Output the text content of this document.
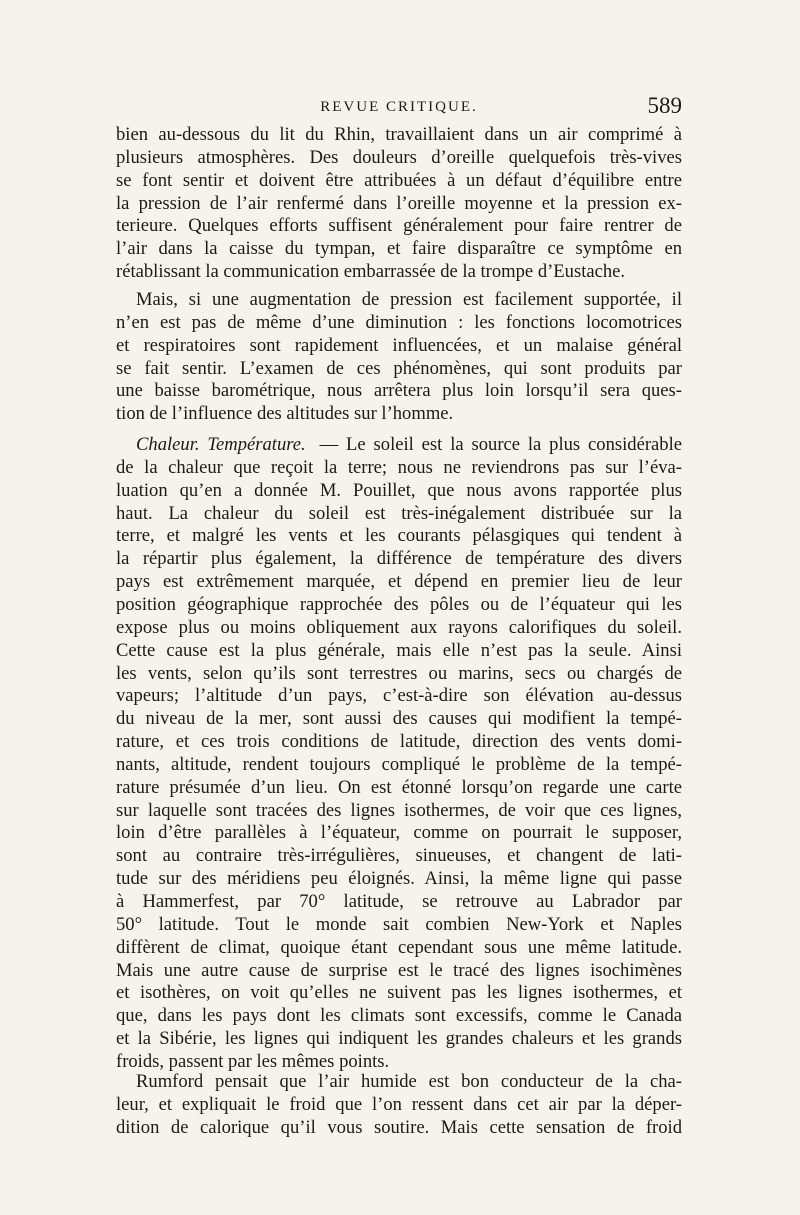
REVUE CRITIQUE.	589
bien au-dessous du lit du Rhin, travaillaient dans un air comprimé à
plusieurs atmosphères. Des douleurs d’oreille quelquefois très-vives
se font sentir et doivent être attribuées à un défaut d’équilibre entre
la pression de l’air renfermé dans l’oreille moyenne et la pression ex-
terieure. Quelques efforts suffisent généralement pour faire rentrer de
l’air dans la caisse du tympan, et faire disparaître ce symptôme en
rétablissant la communication embarrassée de la trompe d’Eustache.
Mais, si une augmentation de pression est facilement supportée, il
n’en est pas de même d’une diminution : les fonctions locomotrices
et respiratoires sont rapidement influencées, et un malaise général
se fait sentir. L’examen de ces phénomènes, qui sont produits par
une baisse barométrique, nous arrêtera plus loin lorsqu’il sera ques-
tion de l’influence des altitudes sur l’homme.
Chaleur. Température. — Le soleil est la source la plus considérable
de la chaleur que reçoit la terre; nous ne reviendrons pas sur l’éva-
luation qu’en a donnée M. Pouillet, que nous avons rapportée plus
haut. La chaleur du soleil est très-inégalement distribuée sur la
terre, et malgré les vents et les courants pélasgiques qui tendent à
la répartir plus également, la différence de température des divers
pays est extrêmement marquée, et dépend en premier lieu de leur
position géographique rapprochée des pôles ou de l’équateur qui les
expose plus ou moins obliquement aux rayons calorifiques du soleil.
Cette cause est la plus générale, mais elle n’est pas la seule. Ainsi
les vents, selon qu’ils sont terrestres ou marins, secs ou chargés de
vapeurs; l’altitude d’un pays, c’est-à-dire son élévation au-dessus
du niveau de la mer, sont aussi des causes qui modifient la tempé-
rature, et ces trois conditions de latitude, direction des vents domi-
nants, altitude, rendent toujours compliqué le problème de la tempé-
rature présumée d’un lieu. On est étonné lorsqu’on regarde une carte
sur laquelle sont tracées des lignes isothermes, de voir que ces lignes,
loin d’être parallèles à l’équateur, comme on pourrait le supposer,
sont au contraire très-irrégulières, sinueuses, et changent de lati-
tude sur des méridiens peu éloignés. Ainsi, la même ligne qui passe
à Hammerfest, par 70° latitude, se retrouve au Labrador par
50° latitude. Tout le monde sait combien New-York et Naples
diffèrent de climat, quoique étant cependant sous une même latitude.
Mais une autre cause de surprise est le tracé des lignes isochimènes
et isothères, on voit qu’elles ne suivent pas les lignes isothermes, et
que, dans les pays dont les climats sont excessifs, comme le Canada
et la Sibérie, les lignes qui indiquent les grandes chaleurs et les grands
froids, passent par les mêmes points.
Rumford pensait que l’air humide est bon conducteur de la cha-
leur, et expliquait le froid que l’on ressent dans cet air par la déper-
dition de calorique qu’il vous soutire. Mais cette sensation de froid
